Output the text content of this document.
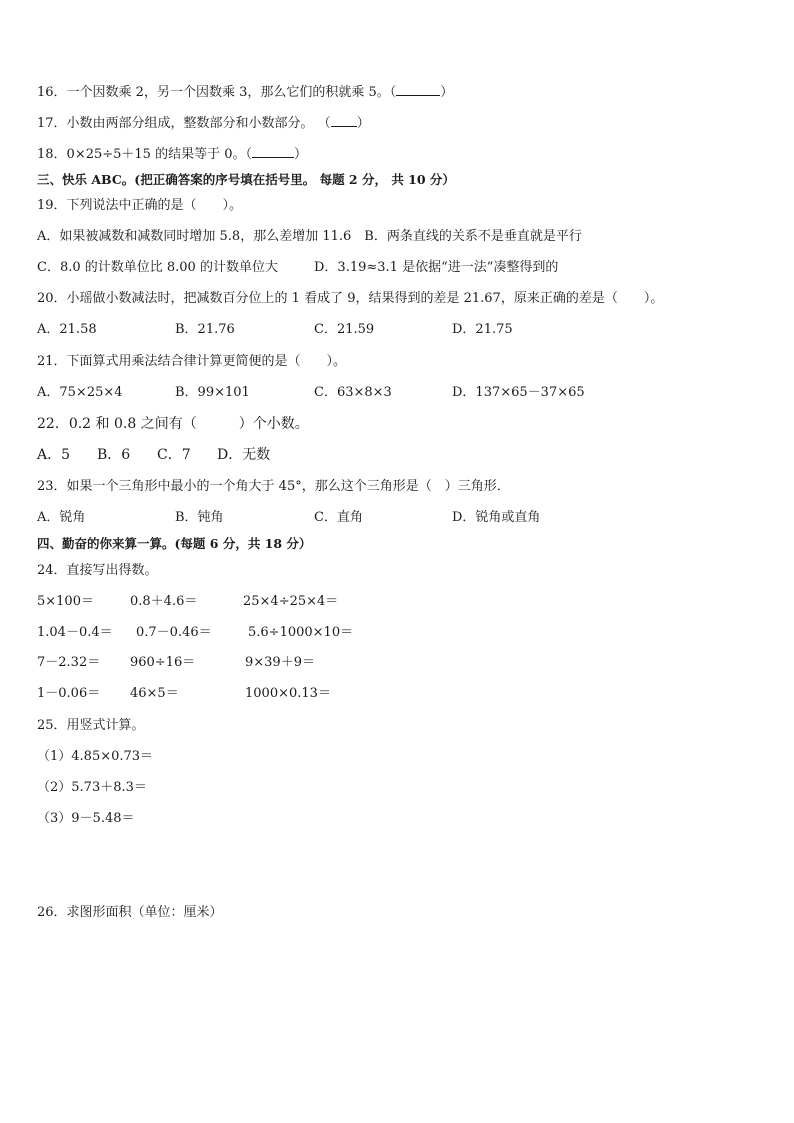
16．一个因数乘 2，另一个因数乘 3，那么它们的积就乘 5。（	）
17．小数由两部分组成，整数部分和小数部分。 （ ）
18．0×25÷5＋15 的结果等于 0。（	）
三、快乐 ABC。(把正确答案的序号填在括号里。 每题 2 分， 共 10 分）
19．下列说法中正确的是（　　）。
A．如果被减数和减数同时增加 5.8，那么差增加 11.6　B．两条直线的关系不是垂直就是平行
C．8.0 的计数单位比 8.00 的计数单位大	D．3.19≈3.1 是依据“进一法”凑整得到的
20．小瑶做小数减法时，把减数百分位上的 1 看成了 9，结果得到的差是 21.67，原来正确的差是（　　）。
A．21.58	B．21.76	C．21.59	D．21.75
21．下面算式用乘法结合律计算更简便的是（　　）。
A．75×25×4	B．99×101	C．63×8×3	D．137×65－37×65
22．0.2 和 0.8 之间有（　　　）个小数。
A．5 B．6 C．7 D．无数
23．如果一个三角形中最小的一个角大于 45°，那么这个三角形是（　）三角形．
A．锐角	B．钝角	C．直角	D．锐角或直角
四、勤奋的你来算一算。(每题 6 分，共 18 分）
24．直接写出得数。
5×100＝	0.8＋4.6＝	25×4÷25×4＝
1.04－0.4＝ 0.7－0.46＝	5.6÷1000×10＝
7－2.32＝ 960÷16＝	9×39＋9＝
1－0.06＝ 46×5＝	1000×0.13＝
25．用竖式计算。
（1）4.85×0.73＝
（2）5.73＋8.3＝
（3）9－5.48＝
26．求图形面积（单位：厘米）
